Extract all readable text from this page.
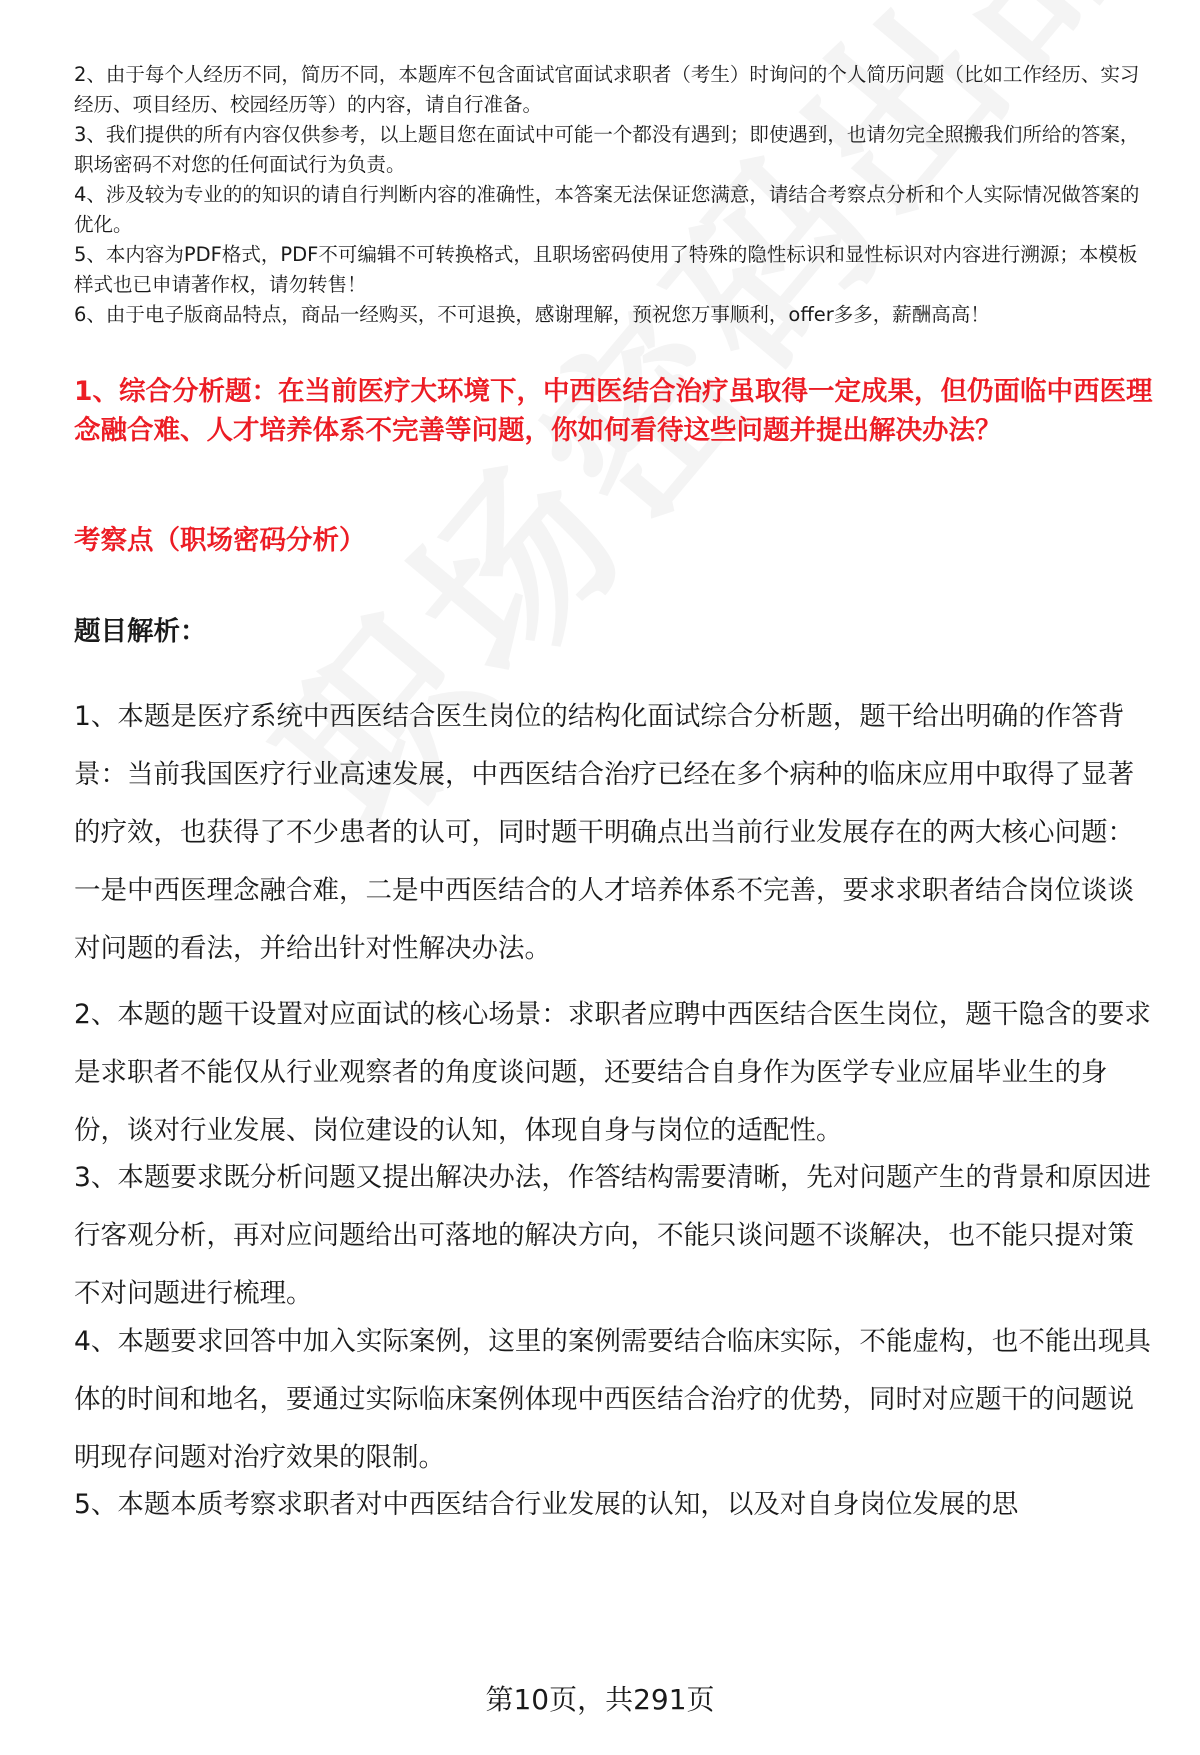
2、由于每个人经历不同，简历不同，本题库不包含面试官面试求职者（考生）时询问的个人简历问题（比如工作经历、实习经历、项目经历、校园经历等）的内容，请自行准备。

3、我们提供的所有内容仅供参考，以上题目您在面试中可能一个都没有遇到；即使遇到，也请勿完全照搬我们所给的答案，职场密码不对您的任何面试行为负责。

4、涉及较为专业的的知识的请自行判断内容的准确性，本答案无法保证您满意，请结合考察点分析和个人实际情况做答案的优化。

5、本内容为PDF格式，PDF不可编辑不可转换格式，且职场密码使用了特殊的隐性标识和显性标识对内容进行溯源；本模板样式也已申请著作权，请勿转售！

6、由于电子版商品特点，商品一经购买，不可退换，感谢理解，预祝您万事顺利，offer多多，薪酬高高！

1、综合分析题：在当前医疗大环境下，中西医结合治疗虽取得一定成果，但仍面临中西医理念融合难、人才培养体系不完善等问题，你如何看待这些问题并提出解决办法？

考察点（职场密码分析）

题目解析：

1、本题是医疗系统中西医结合医生岗位的结构化面试综合分析题，题干给出明确的作答背景：当前我国医疗行业高速发展，中西医结合治疗已经在多个病种的临床应用中取得了显著的疗效，也获得了不少患者的认可，同时题干明确点出当前行业发展存在的两大核心问题：一是中西医理念融合难，二是中西医结合的人才培养体系不完善，要求求职者结合岗位谈谈对问题的看法，并给出针对性解决办法。

2、本题的题干设置对应面试的核心场景：求职者应聘中西医结合医生岗位，题干隐含的要求是求职者不能仅从行业观察者的角度谈问题，还要结合自身作为医学专业应届毕业生的身份，谈对行业发展、岗位建设的认知，体现自身与岗位的适配性。

3、本题要求既分析问题又提出解决办法，作答结构需要清晰，先对问题产生的背景和原因进行客观分析，再对应问题给出可落地的解决方向，不能只谈问题不谈解决，也不能只提对策不对问题进行梳理。

4、本题要求回答中加入实际案例，这里的案例需要结合临床实际，不能虚构，也不能出现具体的时间和地名，要通过实际临床案例体现中西医结合治疗的优势，同时对应题干的问题说明现存问题对治疗效果的限制。

5、本题本质考察求职者对中西医结合行业发展的认知，以及对自身岗位发展的思

第10页，共291页
